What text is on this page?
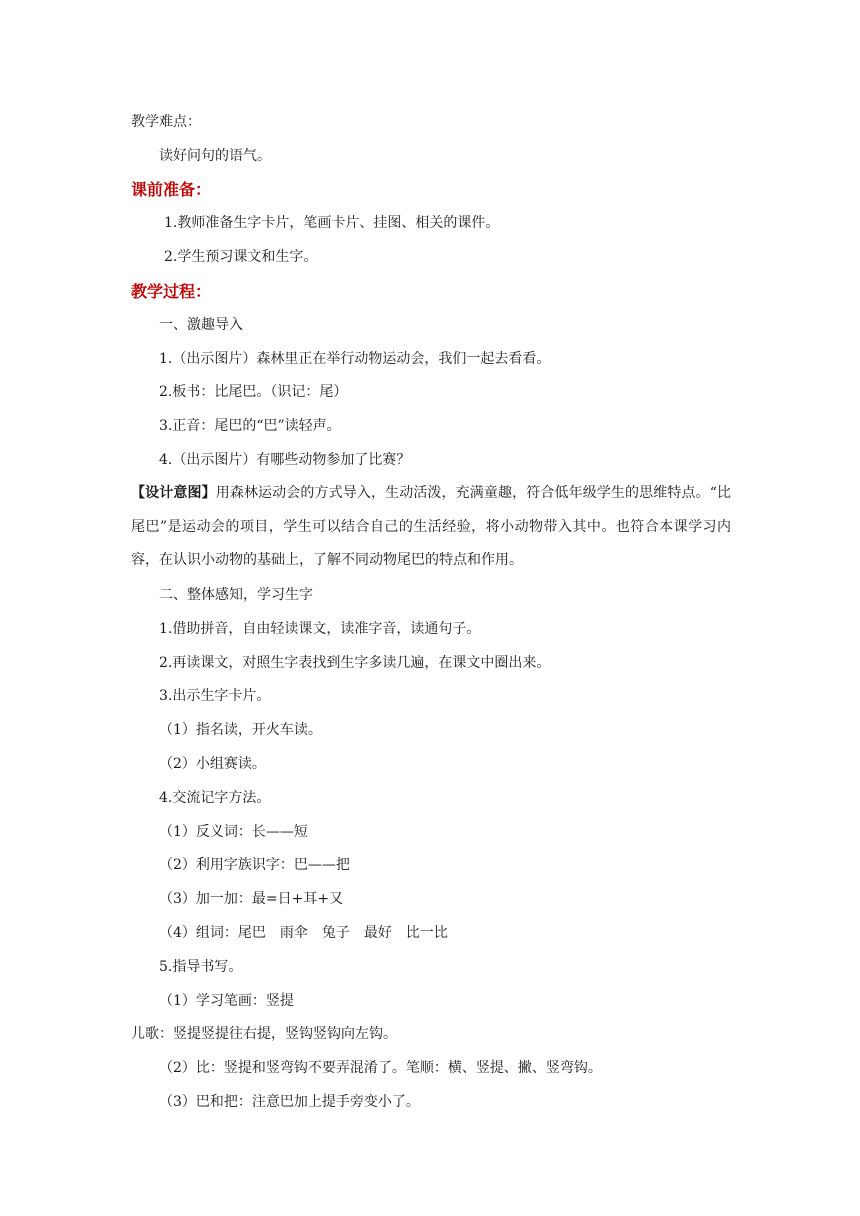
教学难点：
读好问句的语气。
课前准备：
1.教师准备生字卡片，笔画卡片、挂图、相关的课件。
2.学生预习课文和生字。
教学过程：
一、激趣导入
1.（出示图片）森林里正在举行动物运动会，我们一起去看看。
2.板书：比尾巴。（识记：尾）
3.正音：尾巴的“巴”读轻声。
4.（出示图片）有哪些动物参加了比赛？
【设计意图】用森林运动会的方式导入，生动活泼，充满童趣，符合低年级学生的思维特点。“比尾巴”是运动会的项目，学生可以结合自己的生活经验，将小动物带入其中。也符合本课学习内容，在认识小动物的基础上，了解不同动物尾巴的特点和作用。
二、整体感知，学习生字
1.借助拼音，自由轻读课文，读准字音，读通句子。
2.再读课文，对照生字表找到生字多读几遍，在课文中圈出来。
3.出示生字卡片。
（1）指名读，开火车读。
（2）小组赛读。
4.交流记字方法。
（1）反义词：长——短
（2）利用字族识字：巴——把
（3）加一加：最=日+耳+又
（4）组词：尾巴　雨伞　兔子　最好　比一比
5.指导书写。
（1）学习笔画：竖提
儿歌：竖提竖提往右提，竖钩竖钩向左钩。
（2）比：竖提和竖弯钩不要弄混淆了。笔顺：横、竖提、撇、竖弯钩。
（3）巴和把：注意巴加上提手旁变小了。
